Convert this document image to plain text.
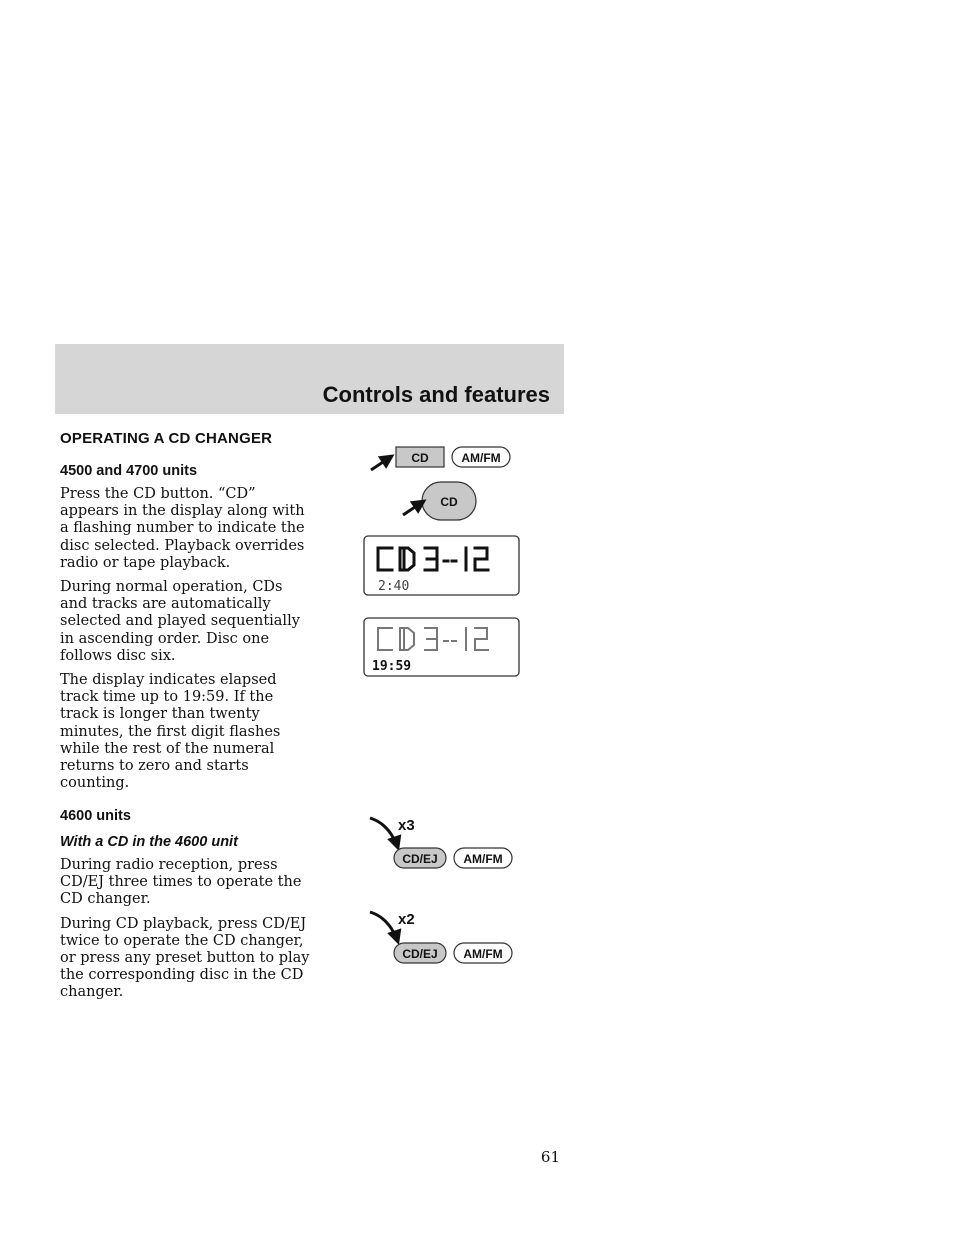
Controls and features
OPERATING A CD CHANGER
4500 and 4700 units

Press the CD button. “CD” appears in the display along with a flashing number to indicate the disc selected. Playback overrides radio or tape playback.

During normal operation, CDs and tracks are automatically selected and played sequentially in ascending order. Disc one follows disc six.

The display indicates elapsed track time up to 19:59. If the track is longer than twenty minutes, the first digit flashes while the rest of the numeral returns to zero and starts counting.

4600 units
With a CD in the 4600 unit

During radio reception, press CD/EJ three times to operate the CD changer.

During CD playback, press CD/EJ twice to operate the CD changer, or press any preset button to play the corresponding disc in the CD changer.

CD	AM/FM
CD
2:40
19:59
x3
CD/EJ AM/FM
x2
CD/EJ AM/FM
61
